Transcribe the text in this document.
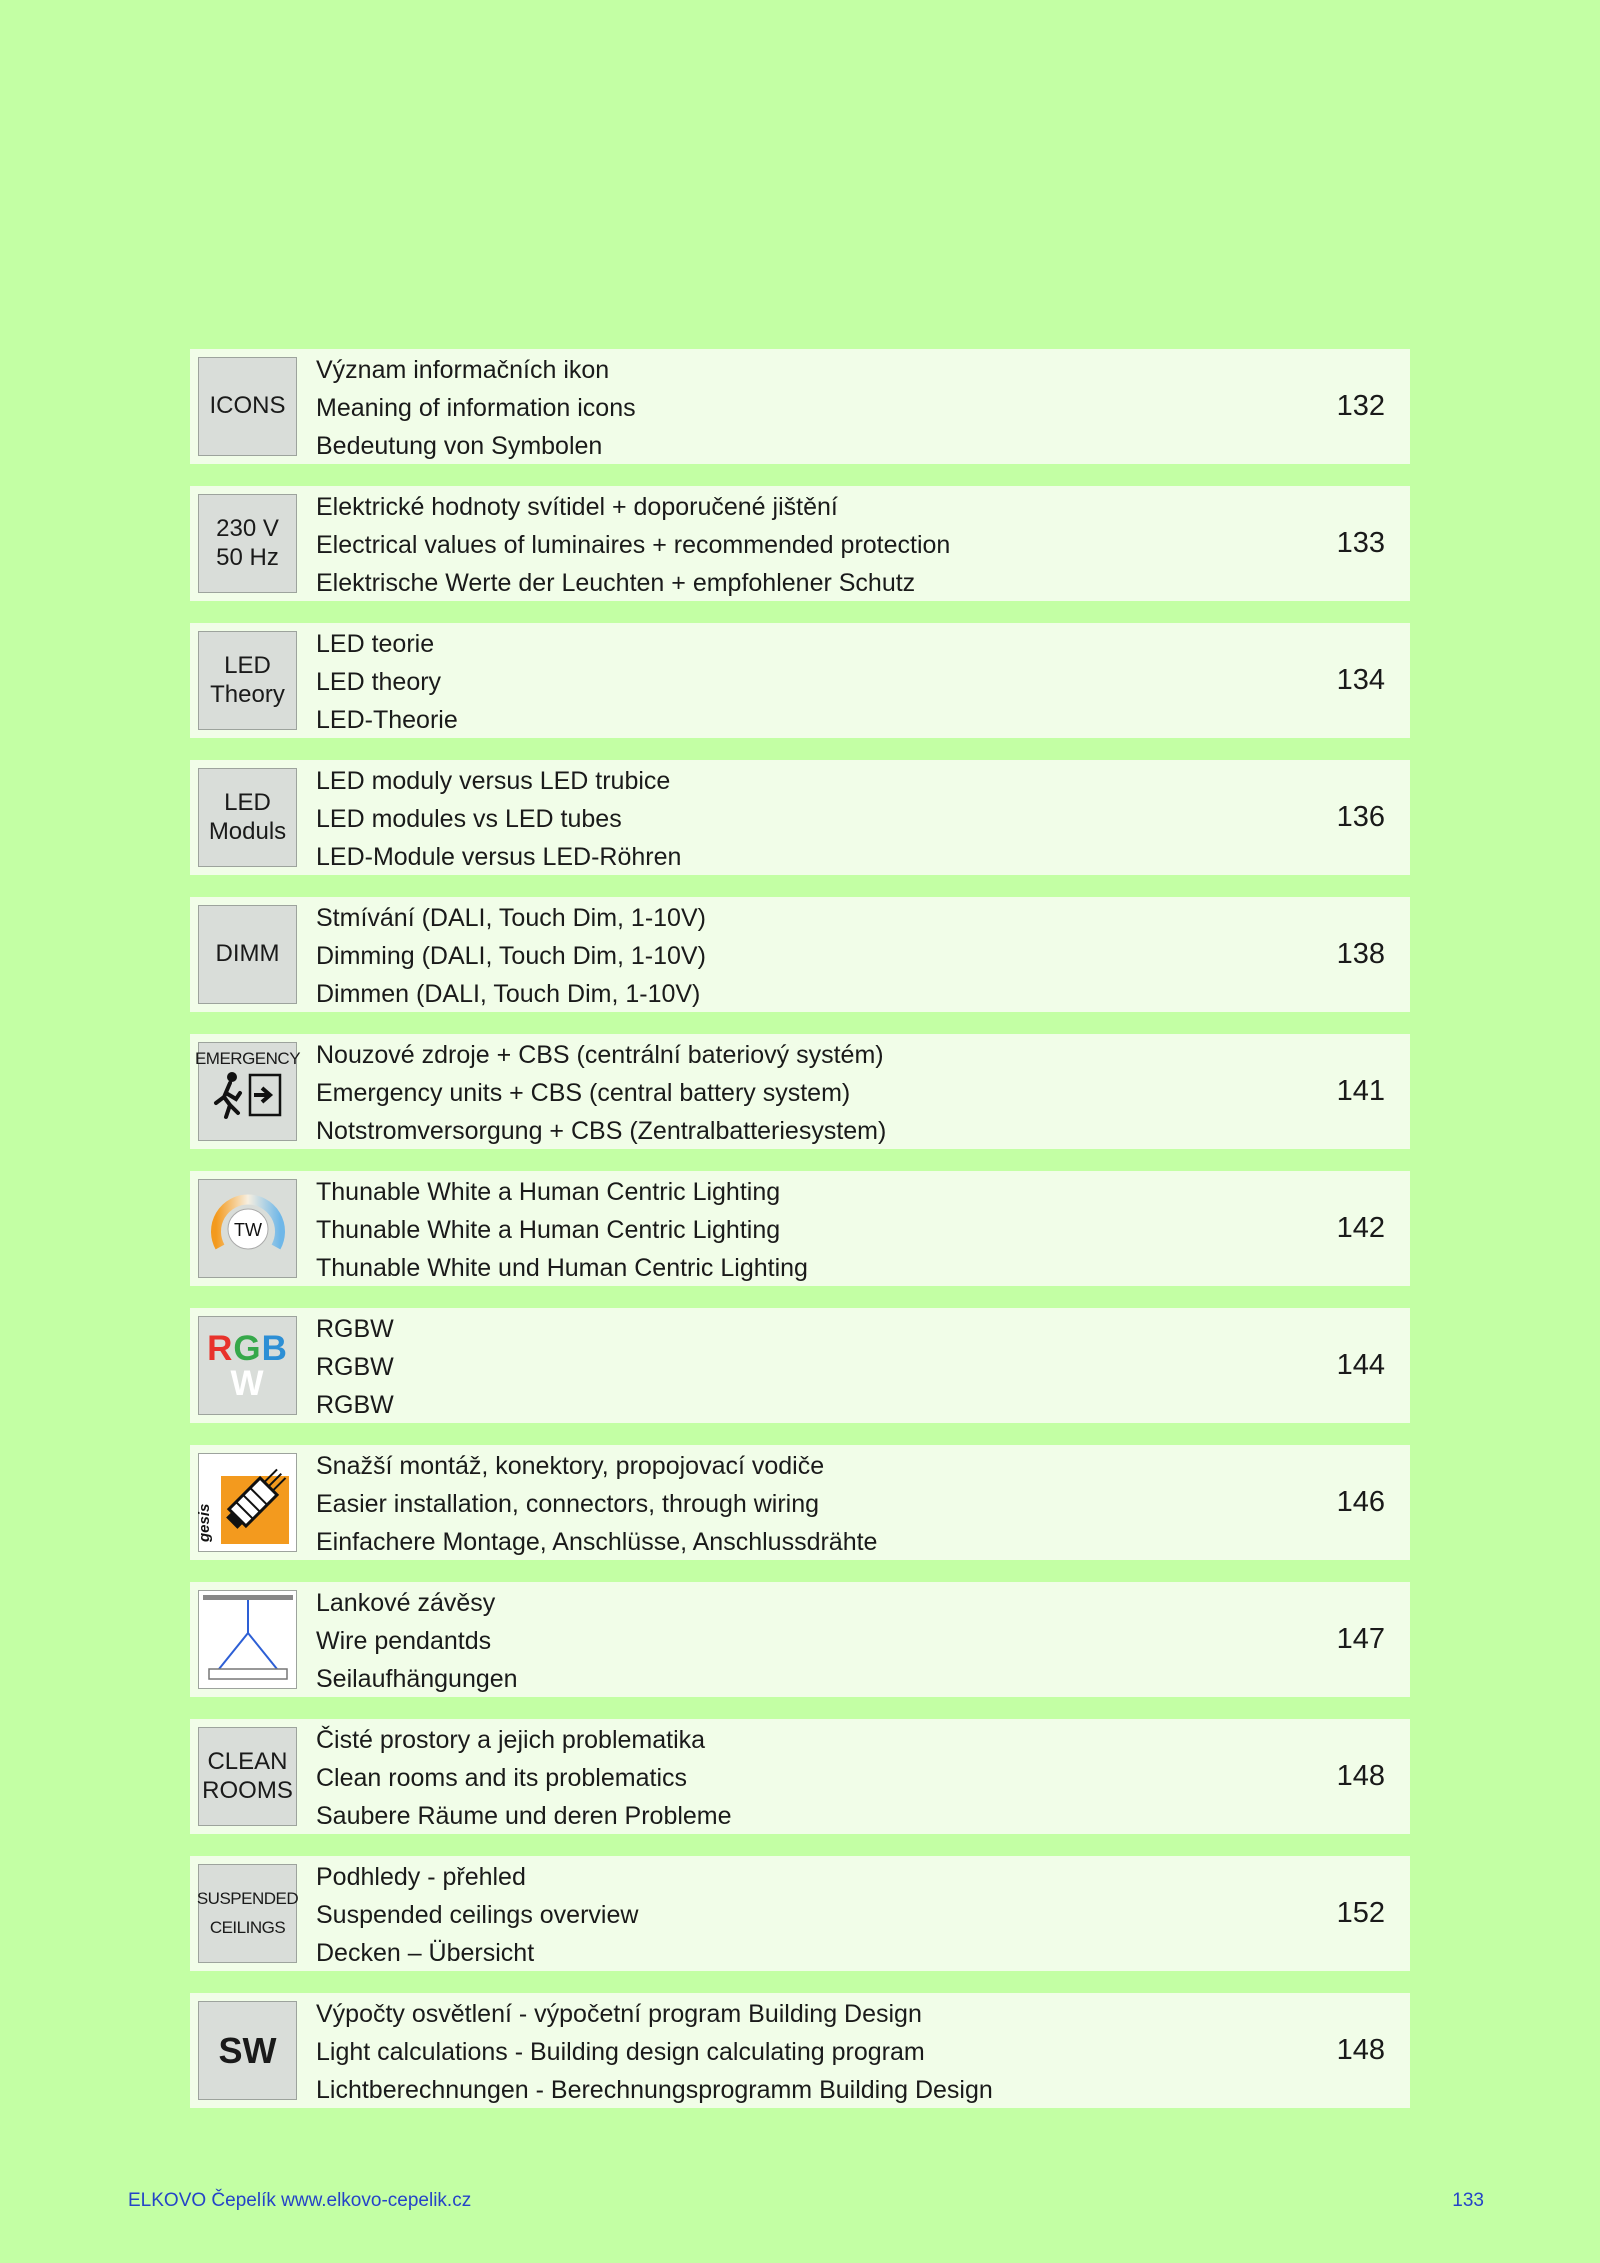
ICONS
Význam informačních ikon
Meaning of information icons
Bedeutung von Symbolen
132
230 V
50 Hz
Elektrické hodnoty svítidel + doporučené jištění
Electrical values of luminaires + recommended protection
Elektrische Werte der Leuchten + empfohlener Schutz
133
LED
Theory
LED teorie
LED theory
LED-Theorie
134
LED
Moduls
LED moduly versus LED trubice
LED modules vs LED tubes
LED-Module versus LED-Röhren
136
DIMM
Stmívání (DALI, Touch Dim, 1-10V)
Dimming (DALI, Touch Dim, 1-10V)
Dimmen (DALI, Touch Dim, 1-10V)
138
EMERGENCY Nouzové zdroje + CBS (centrální bateriový systém)
Emergency units + CBS (central battery system)
Notstromversorgung + CBS (Zentralbatteriesystem)
141
TW
Thunable White a Human Centric Lighting
Thunable White a Human Centric Lighting
Thunable White und Human Centric Lighting
142
RGB
W
RGBW
RGBW
RGBW
144
gesis
Snažší montáž, konektory, propojovací vodiče
Easier installation, connectors, through wiring
Einfachere Montage, Anschlüsse, Anschlussdrähte
146
Lankové závěsy
Wire pendantds
Seilaufhängungen
147
CLEAN
ROOMS
Čisté prostory a jejich problematika
Clean rooms and its problematics
Saubere Räume und deren Probleme
148
SUSPENDED
CEILINGS
Podhledy - přehled
Suspended ceilings overview
Decken – Übersicht
152
SW
Výpočty osvětlení - výpočetní program Building Design
Light calculations - Building design calculating program
Lichtberechnungen - Berechnungsprogramm Building Design
148
ELKOVO Čepelík www.elkovo-cepelik.cz	133
